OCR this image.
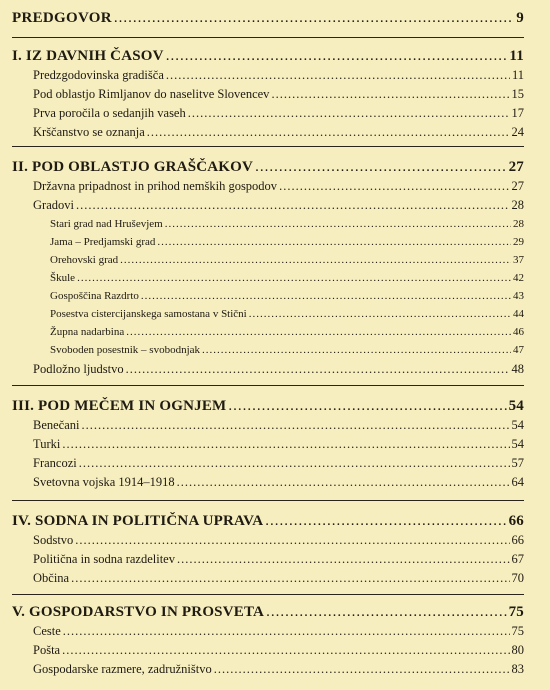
PREDGOVOR .....	9
I. IZ DAVNIH ČASOV .....	11
Predzgodovinska gradišča .....	11
Pod oblastjo Rimljanov do naselitve Slovencev .....	15
Prva poročila o sedanjih vaseh .....	17
Krščanstvo se oznanja .....	24
II. POD OBLASTJO GRAŠČAKOV .....	27
Državna pripadnost in prihod nemških gospodov .....	27
Gradovi .....	28
Stari grad nad Hruševjem .....	28
Jama – Predjamski grad .....	29
Orehovski grad .....	37
Škule .....	42
Gospoščina Razdrto .....	43
Posestva cistercijanskega samostana v Stični .....	44
Župna nadarbina .....	46
Svoboden posestnik – svobodnjak .....	47
Podložno ljudstvo .....	48
III. POD MEČEM IN OGNJEM .....	54
Benečani .....	54
Turki .....	54
Francozi .....	57
Svetovna vojska 1914–1918 .....	64
IV. SODNA IN POLITIČNA UPRAVA .....	66
Sodstvo .....	66
Politična in sodna razdelitev .....	67
Občina .....	70
V. GOSPODARSTVO IN PROSVETA .....	75
Ceste .....	75
Pošta .....	80
Gospodarske razmere, zadružništvo .....	83
